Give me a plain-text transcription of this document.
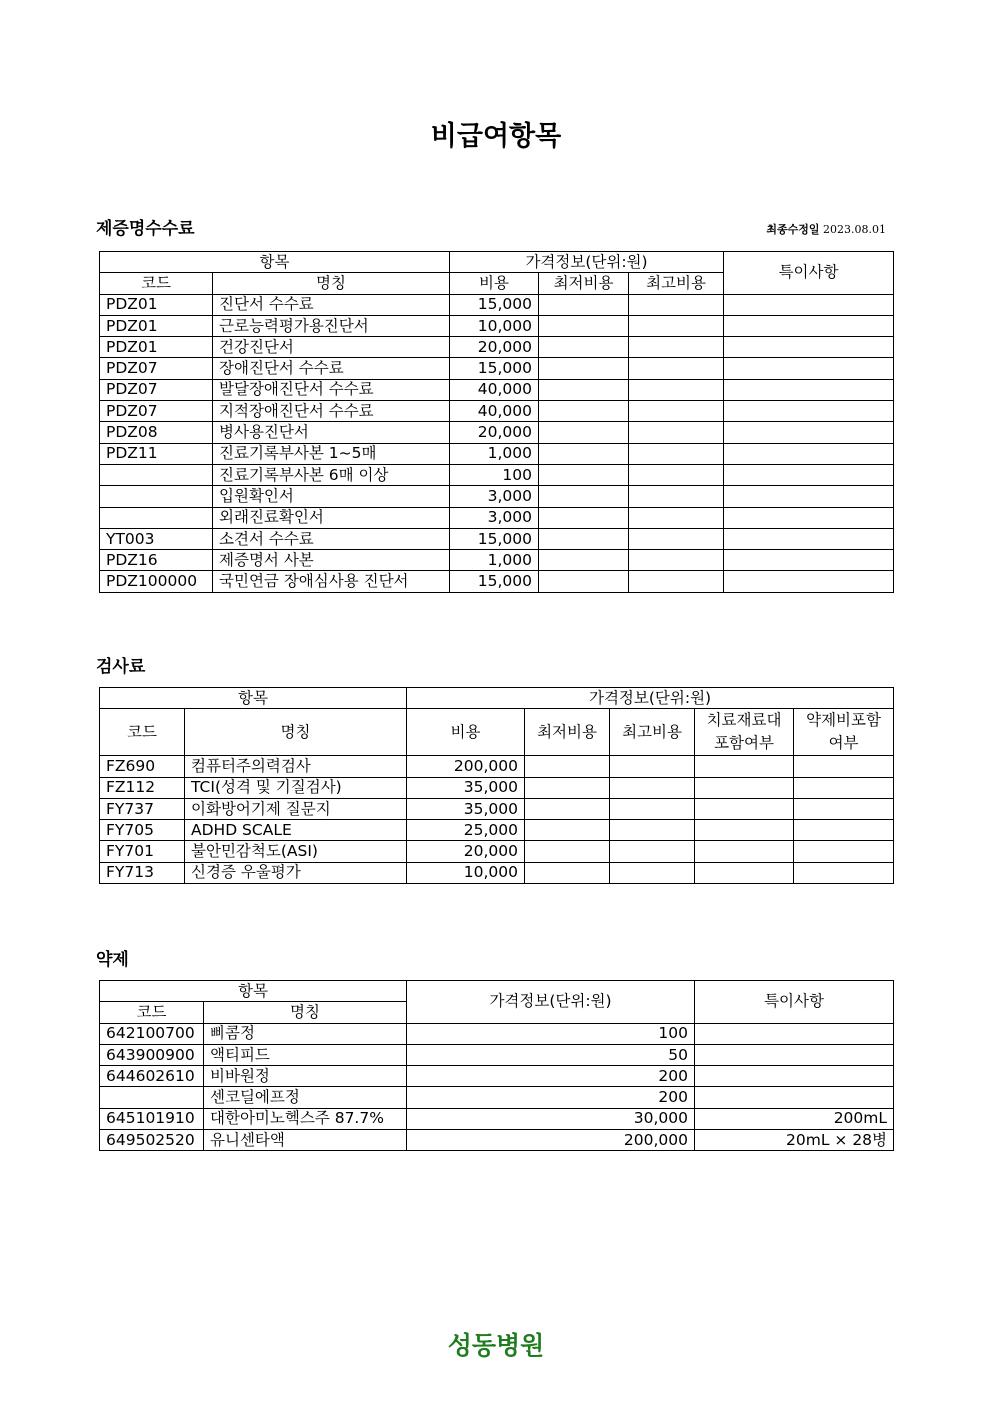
비급여항목
제증명수수료	최종수정일 2023.08.01
항목		가격정보(단위:원)			특이사항
코드	명칭	비용	최저비용	최고비용	
PDZ01	진단서 수수료	15,000			
PDZ01	근로능력평가용진단서	10,000			
PDZ01	건강진단서	20,000			
PDZ07	장애진단서 수수료	15,000			
PDZ07	발달장애진단서 수수료	40,000			
PDZ07	지적장애진단서 수수료	40,000			
PDZ08	병사용진단서	20,000			
PDZ11	진료기록부사본 1~5매	1,000			
	진료기록부사본 6매 이상	100			
	입원확인서	3,000			
	외래진료확인서	3,000			
YT003	소견서 수수료	15,000			
PDZ16	제증명서 사본	1,000			
PDZ100000	국민연금 장애심사용 진단서	15,000			
검사료
항목		가격정보(단위:원)				
코드	명칭	비용	최저비용	최고비용	치료재료대 포함여부	약제비포함 여부
FZ690	컴퓨터주의력검사	200,000				
FZ112	TCI(성격 및 기질검사)	35,000				
FY737	이화방어기제 질문지	35,000				
FY705	ADHD SCALE	25,000				
FY701	불안민감척도(ASI)	20,000				
FY713	신경증 우울평가	10,000				
약제
항목		가격정보(단위:원)	특이사항
코드	명칭		
642100700	삐콤정	100	
643900900	액티피드	50	
644602610	비바원정	200	
	센코딜에프정	200	
645101910	대한아미노헥스주 87.7%	30,000	200mL
649502520	유니센타액	200,000	20mL × 28병
성동병원
